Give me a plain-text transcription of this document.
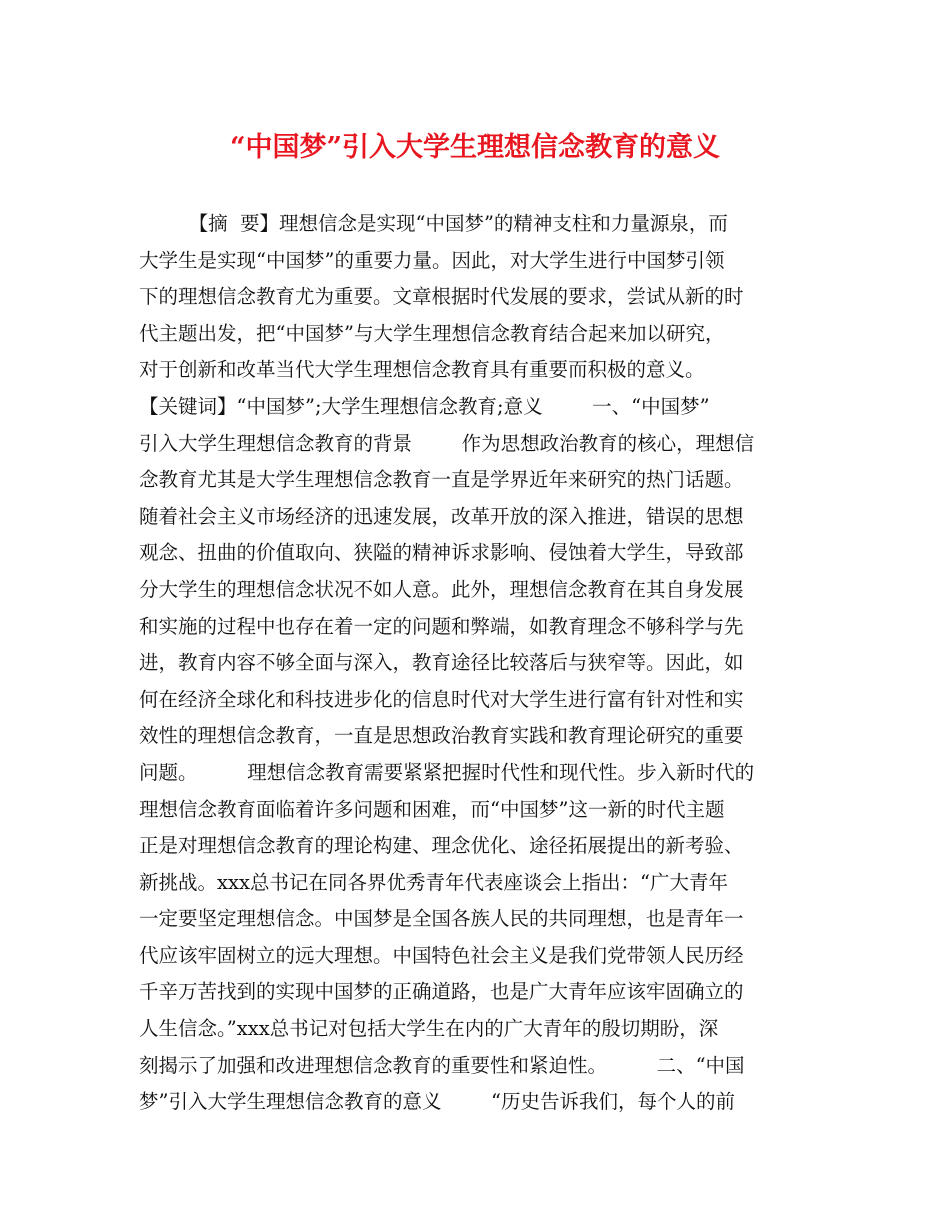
“中国梦”引入大学生理想信念教育的意义
【摘  要】理想信念是实现“中国梦”的精神支柱和力量源泉，而
大学生是实现“中国梦”的重要力量。因此，对大学生进行中国梦引领
下的理想信念教育尤为重要。文章根据时代发展的要求，尝试从新的时
代主题出发，把“中国梦”与大学生理想信念教育结合起来加以研究，
对于创新和改革当代大学生理想信念教育具有重要而积极的意义。
【关键词】“中国梦”;大学生理想信念教育;意义        一、“中国梦”
引入大学生理想信念教育的背景        作为思想政治教育的核心，理想信
念教育尤其是大学生理想信念教育一直是学界近年来研究的热门话题。
随着社会主义市场经济的迅速发展，改革开放的深入推进，错误的思想
观念、扭曲的价值取向、狭隘的精神诉求影响、侵蚀着大学生，导致部
分大学生的理想信念状况不如人意。此外，理想信念教育在其自身发展
和实施的过程中也存在着一定的问题和弊端，如教育理念不够科学与先
进，教育内容不够全面与深入，教育途径比较落后与狭窄等。因此，如
何在经济全球化和科技进步化的信息时代对大学生进行富有针对性和实
效性的理想信念教育，一直是思想政治教育实践和教育理论研究的重要
问题。        理想信念教育需要紧紧把握时代性和现代性。步入新时代的
理想信念教育面临着许多问题和困难，而“中国梦”这一新的时代主题
正是对理想信念教育的理论构建、理念优化、途径拓展提出的新考验、
新挑战。xxx总书记在同各界优秀青年代表座谈会上指出：“广大青年
一定要坚定理想信念。中国梦是全国各族人民的共同理想，也是青年一
代应该牢固树立的远大理想。中国特色社会主义是我们党带领人民历经
千辛万苦找到的实现中国梦的正确道路，也是广大青年应该牢固确立的
人生信念。”xxx总书记对包括大学生在内的广大青年的殷切期盼，深
刻揭示了加强和改进理想信念教育的重要性和紧迫性。        二、“中国
梦”引入大学生理想信念教育的意义        “历史告诉我们，每个人的前
